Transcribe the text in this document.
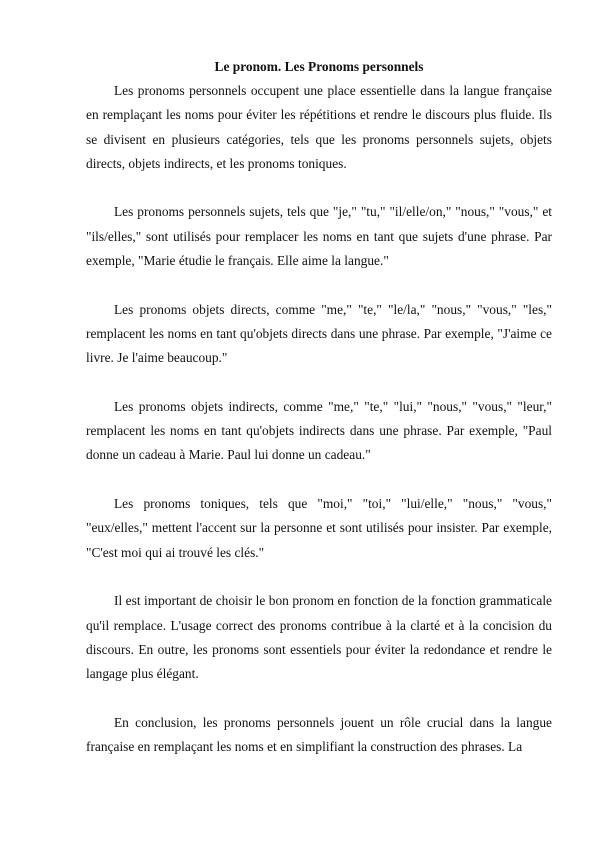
Le pronom. Les Pronoms personnels

Les pronoms personnels occupent une place essentielle dans la langue française en remplaçant les noms pour éviter les répétitions et rendre le discours plus fluide. Ils se divisent en plusieurs catégories, tels que les pronoms personnels sujets, objets directs, objets indirects, et les pronoms toniques.

Les pronoms personnels sujets, tels que "je," "tu," "il/elle/on," "nous," "vous," et "ils/elles," sont utilisés pour remplacer les noms en tant que sujets d'une phrase. Par exemple, "Marie étudie le français. Elle aime la langue."

Les pronoms objets directs, comme "me," "te," "le/la," "nous," "vous," "les," remplacent les noms en tant qu'objets directs dans une phrase. Par exemple, "J'aime ce livre. Je l'aime beaucoup."

Les pronoms objets indirects, comme "me," "te," "lui," "nous," "vous," "leur," remplacent les noms en tant qu'objets indirects dans une phrase. Par exemple, "Paul donne un cadeau à Marie. Paul lui donne un cadeau."

Les pronoms toniques, tels que "moi," "toi," "lui/elle," "nous," "vous," "eux/elles," mettent l'accent sur la personne et sont utilisés pour insister. Par exemple, "C'est moi qui ai trouvé les clés."

Il est important de choisir le bon pronom en fonction de la fonction grammaticale qu'il remplace. L'usage correct des pronoms contribue à la clarté et à la concision du discours. En outre, les pronoms sont essentiels pour éviter la redondance et rendre le langage plus élégant.

En conclusion, les pronoms personnels jouent un rôle crucial dans la langue française en remplaçant les noms et en simplifiant la construction des phrases. La
